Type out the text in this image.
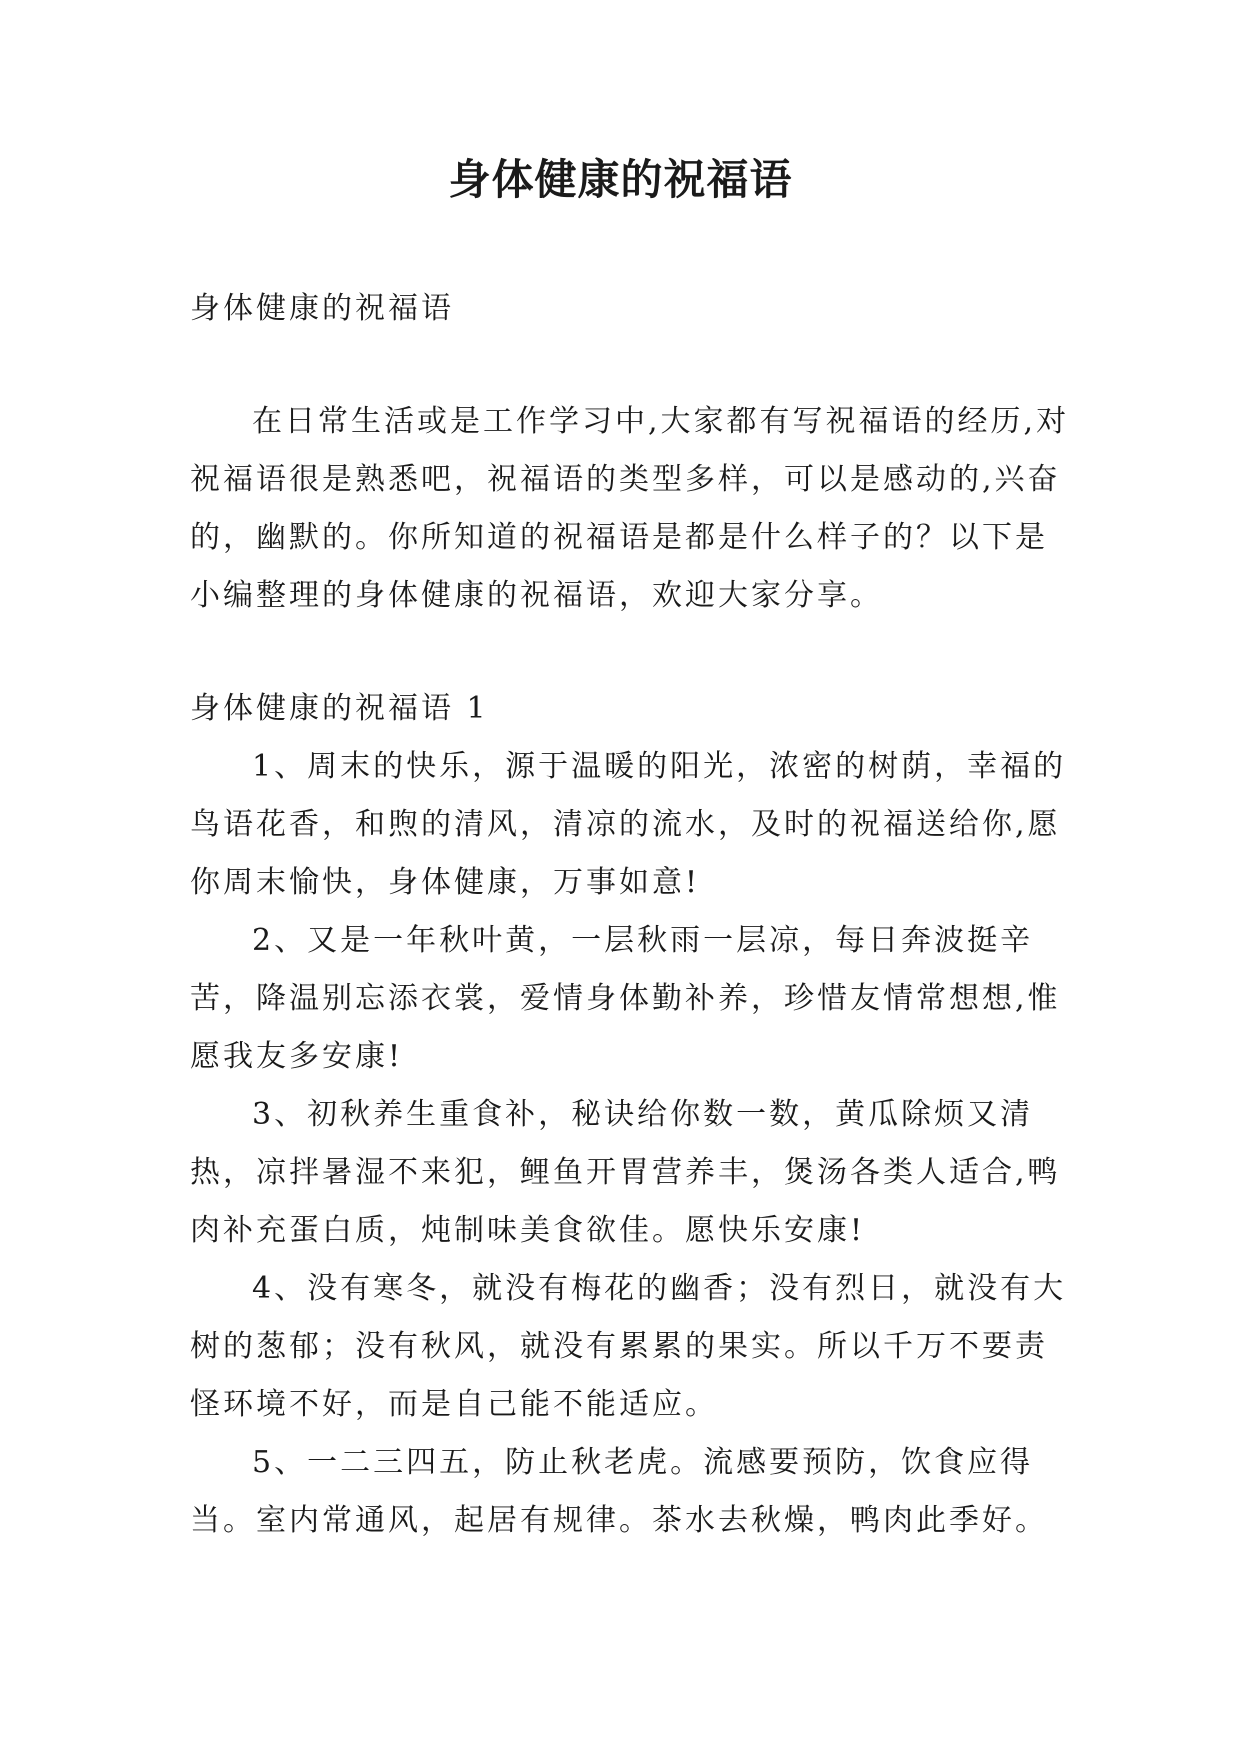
身体健康的祝福语

身体健康的祝福语

在日常生活或是工作学习中,大家都有写祝福语的经历,对祝福语很是熟悉吧，祝福语的类型多样，可以是感动的,兴奋的，幽默的。你所知道的祝福语是都是什么样子的？以下是小编整理的身体健康的祝福语，欢迎大家分享。

身体健康的祝福语 1

1、周末的快乐，源于温暖的阳光，浓密的树荫，幸福的鸟语花香，和煦的清风，清凉的流水，及时的祝福送给你,愿你周末愉快，身体健康，万事如意!

2、又是一年秋叶黄，一层秋雨一层凉，每日奔波挺辛苦，降温别忘添衣裳，爱情身体勤补养，珍惜友情常想想,惟愿我友多安康!

3、初秋养生重食补，秘诀给你数一数，黄瓜除烦又清热，凉拌暑湿不来犯，鲤鱼开胃营养丰，煲汤各类人适合,鸭肉补充蛋白质，炖制味美食欲佳。愿快乐安康!

4、没有寒冬，就没有梅花的幽香；没有烈日，就没有大树的葱郁；没有秋风，就没有累累的果实。所以千万不要责怪环境不好，而是自己能不能适应。

5、一二三四五，防止秋老虎。流感要预防，饮食应得当。室内常通风，起居有规律。茶水去秋燥，鸭肉此季好。
